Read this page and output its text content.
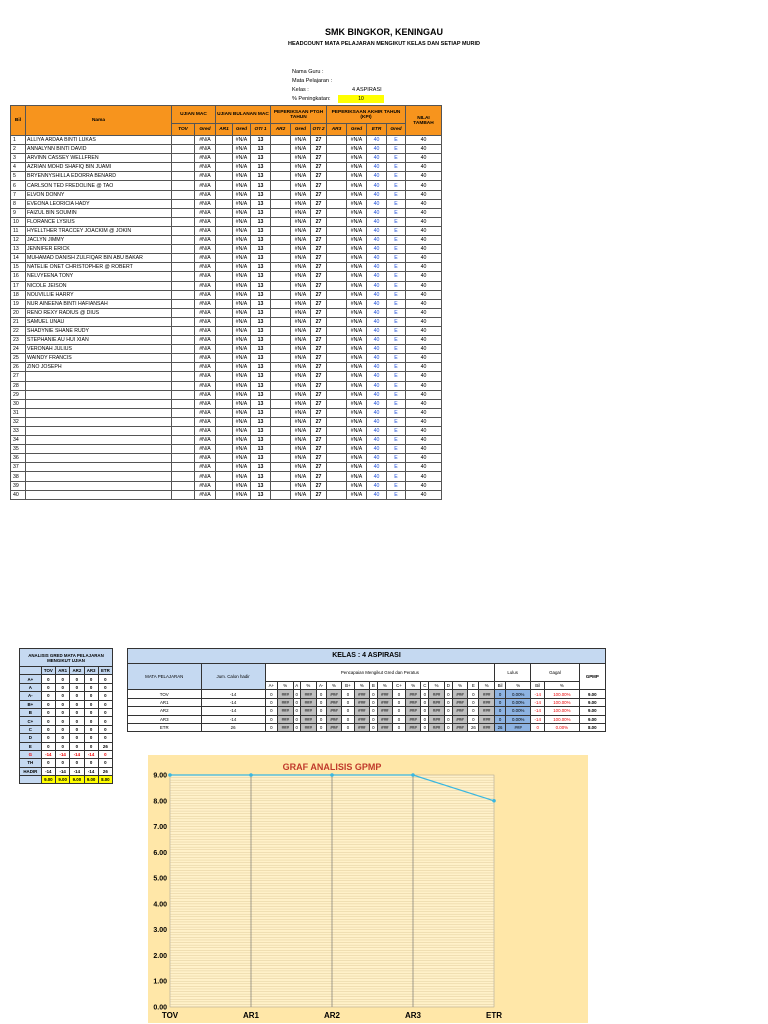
SMK BINGKOR, KENINGAU
HEADCOUNT MATA PELAJARAN MENGIKUT KELAS DAN SETIAP MURID
Nama Guru :
Mata Pelajaran :
Kelas :	4 ASPIRASI
% Peningkatan:	10
Bil	Nama	UJIAN MAC		UJIAN BULANAN MAC			PEPERIKSAAN PTGH TAHUN			PEPERIKSAAN AKHIR TAHUN (KPI)				NILAI TAMBAH
		TOV	Gred	AR1	Gred	OTI 1	AR2	Gred	OTI 2	AR3	Gred	ETR	Gred	
1	ALLIYA ARDAA BINTI LUKAS		#N/A		#N/A	13		#N/A	27		#N/A	40	E	40
2	ANNALYNN BINTI DAVID		#N/A		#N/A	13		#N/A	27		#N/A	40	E	40
3	ARVINN CASSEY WELLFREN		#N/A		#N/A	13		#N/A	27		#N/A	40	E	40
4	AZRIAN MOHD SHAFIQ BIN JUAMI		#N/A		#N/A	13		#N/A	27		#N/A	40	E	40
5	BRYENNYSHILLA EDORRA BENARD		#N/A		#N/A	13		#N/A	27		#N/A	40	E	40
6	CARLSON TED FREDOLINE @ TAO		#N/A		#N/A	13		#N/A	27		#N/A	40	E	40
7	ELVON DONNY		#N/A		#N/A	13		#N/A	27		#N/A	40	E	40
8	EVEONA LEORICIA HADY		#N/A		#N/A	13		#N/A	27		#N/A	40	E	40
9	FAIZUL BIN SOUMIN		#N/A		#N/A	13		#N/A	27		#N/A	40	E	40
10	FLORANCE LYSIUS		#N/A		#N/A	13		#N/A	27		#N/A	40	E	40
11	HYELLTHER TRACCEY JOACKIM @ JOKIN		#N/A		#N/A	13		#N/A	27		#N/A	40	E	40
12	JACLYN JIMMY		#N/A		#N/A	13		#N/A	27		#N/A	40	E	40
13	JENNIFER ERICK		#N/A		#N/A	13		#N/A	27		#N/A	40	E	40
14	MUHAMAD DANISH ZULFIQAR BIN ABU BAKAR		#N/A		#N/A	13		#N/A	27		#N/A	40	E	40
15	NATELIE ONET CHRISTOPHER @ ROBERT		#N/A		#N/A	13		#N/A	27		#N/A	40	E	40
16	NELVYEENA TONY		#N/A		#N/A	13		#N/A	27		#N/A	40	E	40
17	NICOLE JEISON		#N/A		#N/A	13		#N/A	27		#N/A	40	E	40
18	NOUVILLIE HARRY		#N/A		#N/A	13		#N/A	27		#N/A	40	E	40
19	NUR AINEENA BINTI HAFIANSAH		#N/A		#N/A	13		#N/A	27		#N/A	40	E	40
20	RENO REXY RADIUS @ DIUS		#N/A		#N/A	13		#N/A	27		#N/A	40	E	40
21	SAMUEL UNAU		#N/A		#N/A	13		#N/A	27		#N/A	40	E	40
22	SHADYNIE SHANE RUDY		#N/A		#N/A	13		#N/A	27		#N/A	40	E	40
23	STEPHANIE AU HUI XIAN		#N/A		#N/A	13		#N/A	27		#N/A	40	E	40
24	VERONAH JULIUS		#N/A		#N/A	13		#N/A	27		#N/A	40	E	40
25	WAINDY FRANCIS		#N/A		#N/A	13		#N/A	27		#N/A	40	E	40
26	ZINO JOSEPH		#N/A		#N/A	13		#N/A	27		#N/A	40	E	40
27			#N/A		#N/A	13		#N/A	27		#N/A	40	E	40
28			#N/A		#N/A	13		#N/A	27		#N/A	40	E	40
29			#N/A		#N/A	13		#N/A	27		#N/A	40	E	40
30			#N/A		#N/A	13		#N/A	27		#N/A	40	E	40
31			#N/A		#N/A	13		#N/A	27		#N/A	40	E	40
32			#N/A		#N/A	13		#N/A	27		#N/A	40	E	40
33			#N/A		#N/A	13		#N/A	27		#N/A	40	E	40
34			#N/A		#N/A	13		#N/A	27		#N/A	40	E	40
35			#N/A		#N/A	13		#N/A	27		#N/A	40	E	40
36			#N/A		#N/A	13		#N/A	27		#N/A	40	E	40
37			#N/A		#N/A	13		#N/A	27		#N/A	40	E	40
38			#N/A		#N/A	13		#N/A	27		#N/A	40	E	40
39			#N/A		#N/A	13		#N/A	27		#N/A	40	E	40
40			#N/A		#N/A	13		#N/A	27		#N/A	40	E	40
ANALISIS GRED MATA PELAJARAN MENGIKUT UJIAN					
	TOV	AR1	AR2	AR3	ETR
A+	0	0	0	0	0
A	0	0	0	0	0
A-	0	0	0	0	0
B+	0	0	0	0	0
B	0	0	0	0	0
C+	0	0	0	0	0
C	0	0	0	0	0
D	0	0	0	0	0
E	0	0	0	0	26
G	-14	-14	-14	-14	0
TH	0	0	0	0	0
HADIR	-14	-14	-14	-14	26
	9.00	9.00	9.00	9.00	8.00
KELAS : 4 ASPIRASI																								
MATA PELAJARAN	Jum. Calon hadir	Pencapaian Mengikut Gred dan Peratus																		Lulus		Gagal		GPMP
		A+	%	A	%	A-	%	B+	%	B	%	C+	%	C	%	D	%	E	%	Bil	%	Bil	%	
TOV	-14	0	###	0	###	0	###	0	###	0	###	0	###	0	###	0	###	0	###	0	0.00%	-14	100.00%	9.00
AR1	-14	0	###	0	###	0	###	0	###	0	###	0	###	0	###	0	###	0	###	0	0.00%	-14	100.00%	9.00
AR2	-14	0	###	0	###	0	###	0	###	0	###	0	###	0	###	0	###	0	###	0	0.00%	-14	100.00%	9.00
AR3	-14	0	###	0	###	0	###	0	###	0	###	0	###	0	###	0	###	0	###	0	0.00%	-14	100.00%	9.00
ETR	26	0	###	0	###	0	###	0	###	0	###	0	###	0	###	0	###	26	###	26	###	0	0.00%	8.00
0.00
1.00
2.00
3.00
4.00
5.00
6.00
7.00
8.00
9.00
TOV	AR1	AR2	AR3	ETR
GRAF ANALISIS GPMP
